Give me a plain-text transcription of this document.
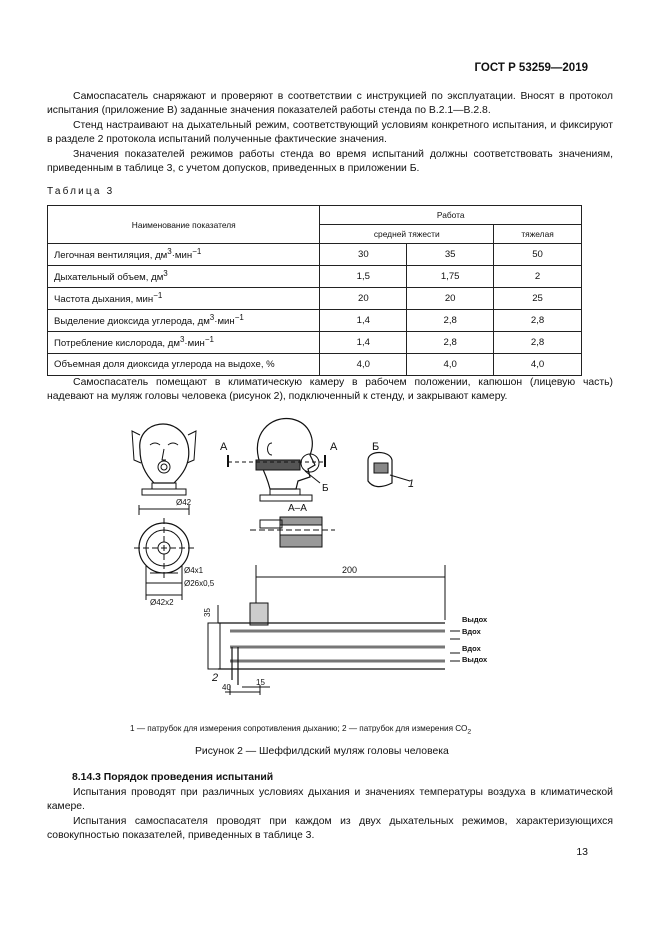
ГОСТ Р 53259—2019

Самоспасатель снаряжают и проверяют в соответствии с инструкцией по эксплуатации. Вносят в протокол испытания (приложение В) заданные значения показателей работы стенда по В.2.1—В.2.8.

Стенд настраивают на дыхательный режим, соответствующий условиям конкретного испытания, и фиксируют в разделе 2 протокола испытаний полученные фактические значения.

Значения показателей режимов работы стенда во время испытаний должны соответствовать значениям, приведенным в таблице 3, с учетом допусков, приведенных в приложении Б.

Таблица 3
Наименование показателя	Работа		
	средней тяжести		тяжелая
Легочная вентиляция, $дм^3\cdot мин^{-1}$	30	35	50
Дыхательный объем, $дм^3$	1,5	1,75	2
Частота дыхания, мин$^{-1}$	20	20	25
Выделение диоксида углерода, $дм^3\cdot мин^{-1}$	1,4	2,8	2,8
Потребление кислорода, $дм^3\cdot мин^{-1}$	1,4	2,8	2,8
Объемная доля диоксида углерода на выдохе, %	4,0	4,0	4,0

Самоспасатель помещают в климатическую камеру в рабочем положении, капюшон (лицевую часть) надевают на муляж головы человека (рисунок 2), подключенный к стенду, и закрывают камеру.

А	А
Б
Б
1
А–А
Ø42
Ø4х1
Ø26х0,5
Ø42х2
200
35
40
15
2
Выдох
Вдох
Вдох
Выдох
1 — патрубок для измерения сопротивления дыханию; 2 — патрубок для измерения $СО_2$
Рисунок 2 — Шеффилдский муляж головы человека
8.14.3 Порядок проведения испытаний

Испытания проводят при различных условиях дыхания и значениях температуры воздуха в климатической камере.

Испытания самоспасателя проводят при каждом из двух дыхательных режимов, характеризующихся совокупностью показателей, приведенных в таблице 3.

13
